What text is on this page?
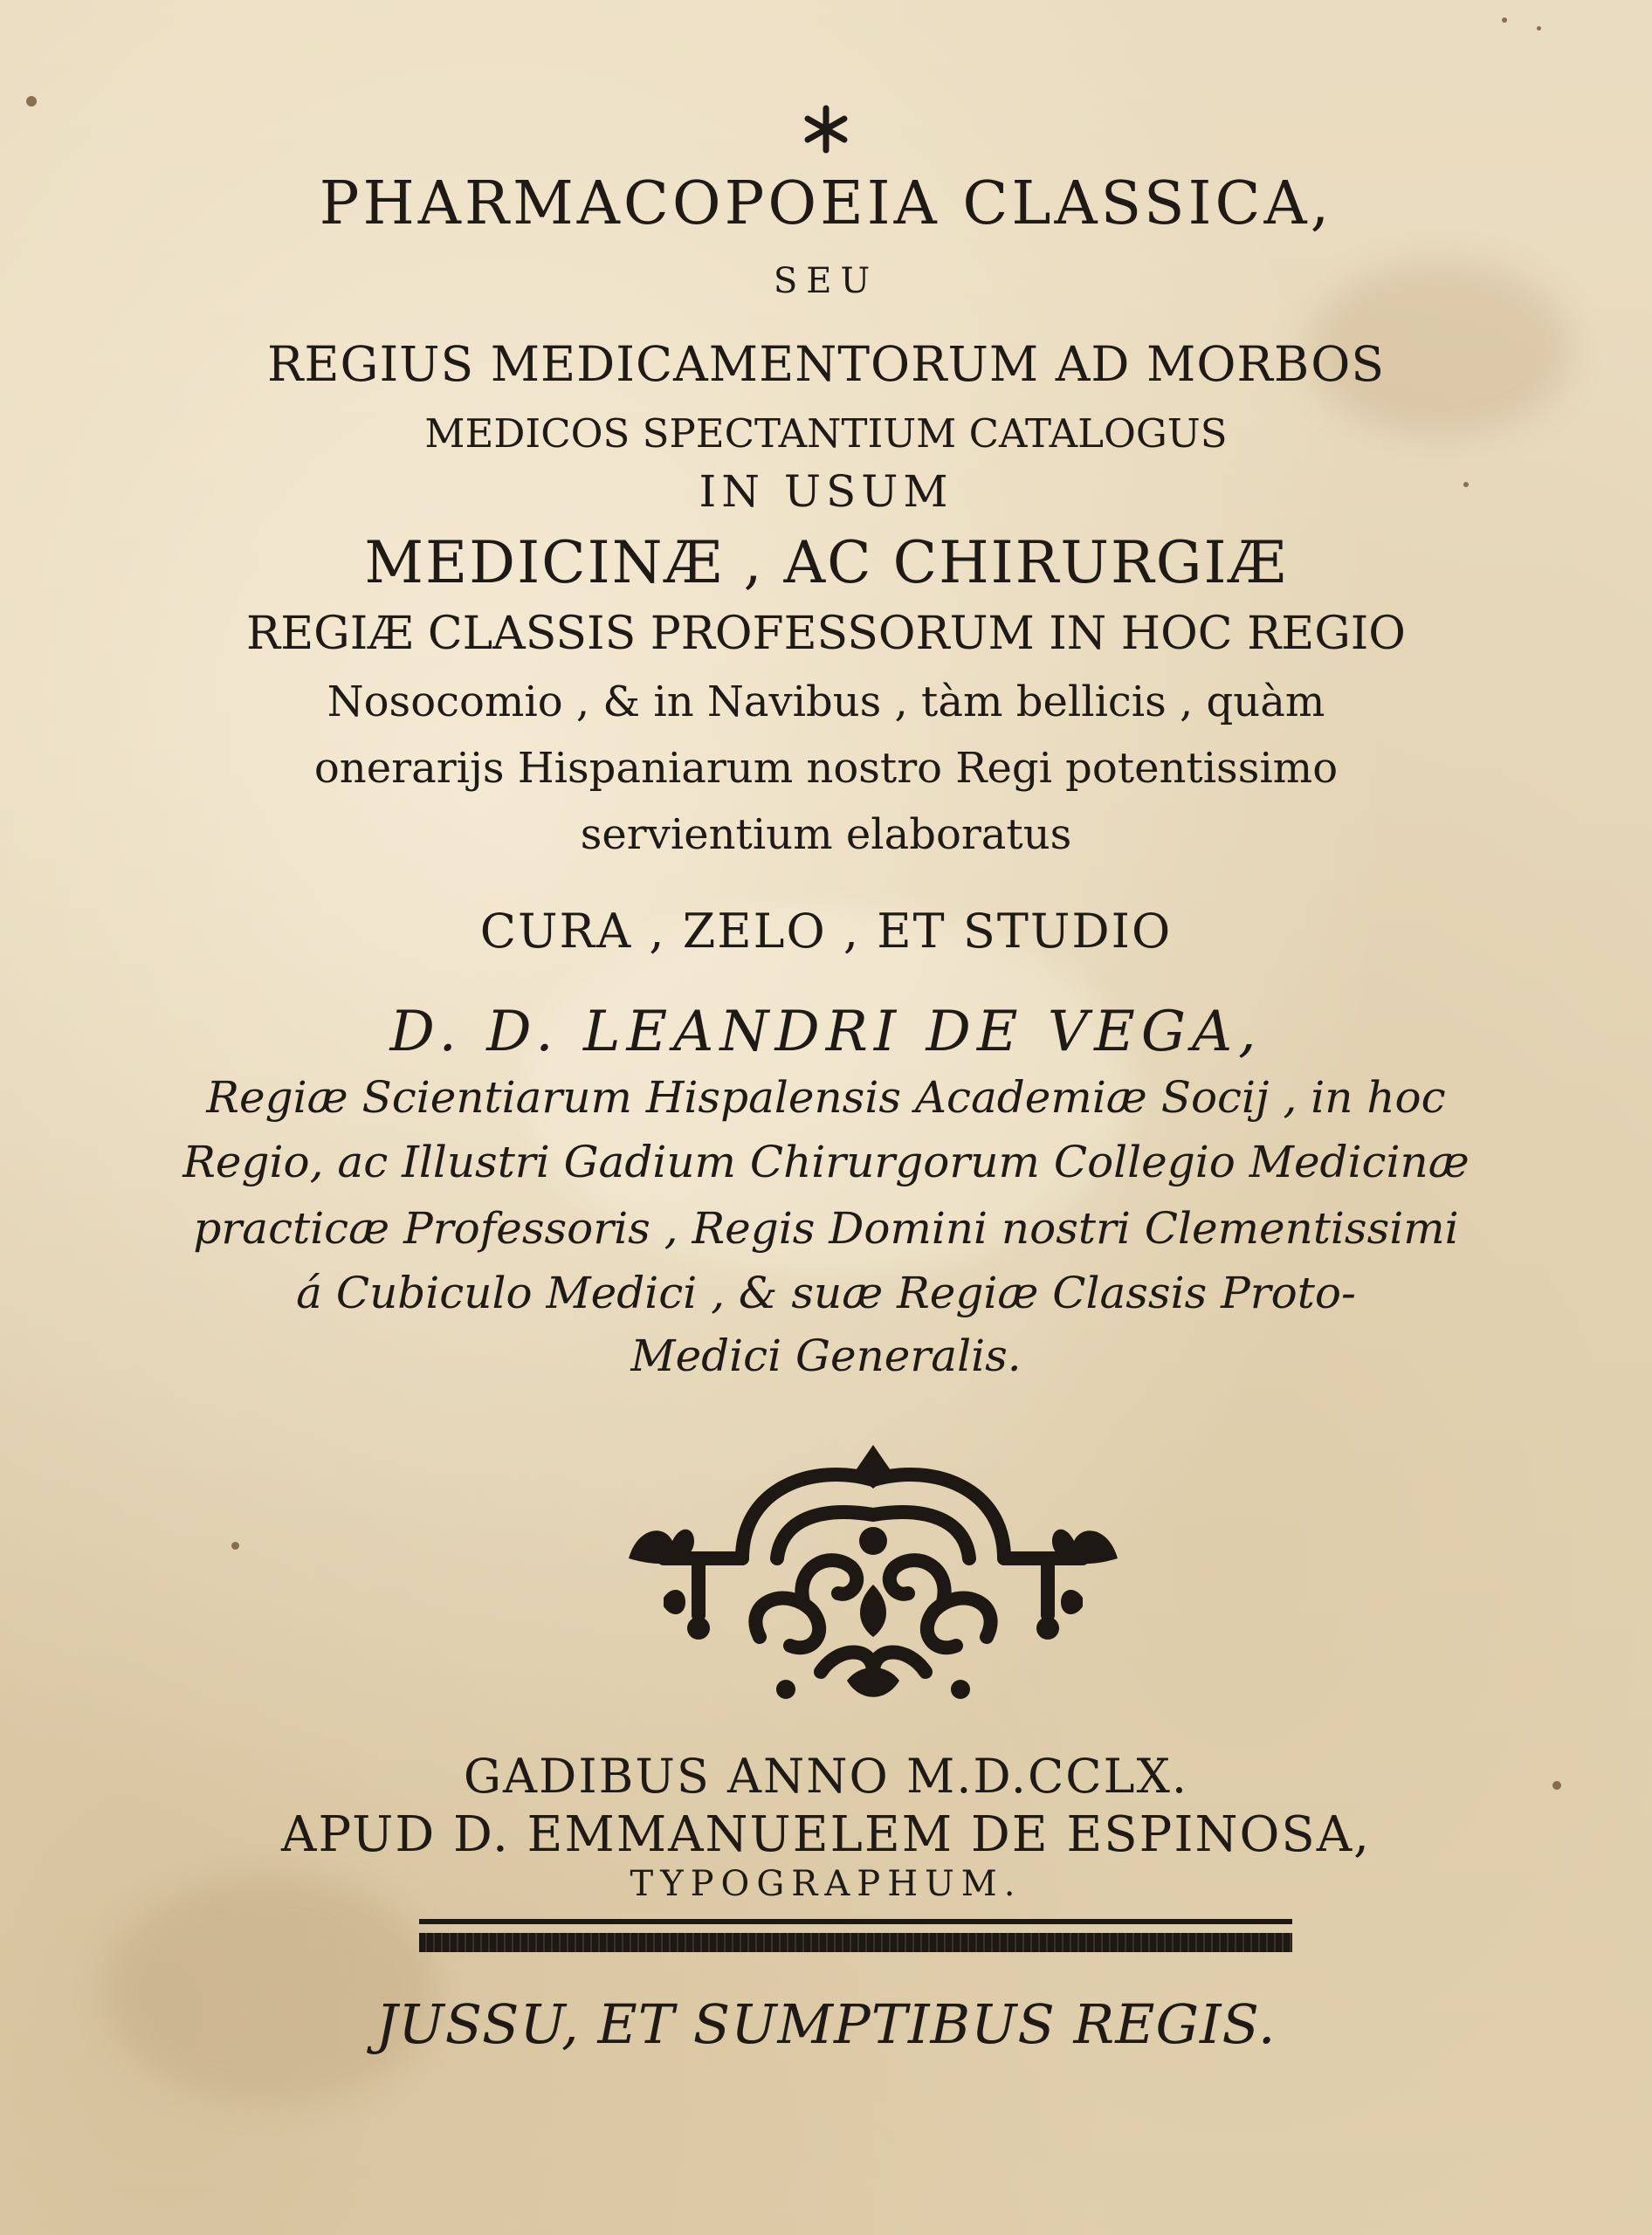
PHARMACOPOEIA CLASSICA,

SEU

REGIUS MEDICAMENTORUM AD MORBOS

MEDICOS SPECTANTIUM CATALOGUS

IN USUM

MEDICINÆ , AC CHIRURGIÆ

REGIÆ CLASSIS PROFESSORUM IN HOC REGIO

Nosocomio , & in Navibus , tàm bellicis , quàm

onerarijs Hispaniarum nostro Regi potentissimo

servientium elaboratus

CURA , ZELO , ET STUDIO

D. D. LEANDRI DE VEGA,

Regiæ Scientiarum Hispalensis Academiæ Socij , in hoc

Regio, ac Illustri Gadium Chirurgorum Collegio Medicinæ

practicæ Professoris , Regis Domini nostri Clementissimi

á Cubiculo Medici , & suæ Regiæ Classis Proto-

Medici Generalis.

GADIBUS ANNO M.D.CCLX.

APUD D. EMMANUELEM DE ESPINOSA,

TYPOGRAPHUM.

JUSSU, ET SUMPTIBUS REGIS.
